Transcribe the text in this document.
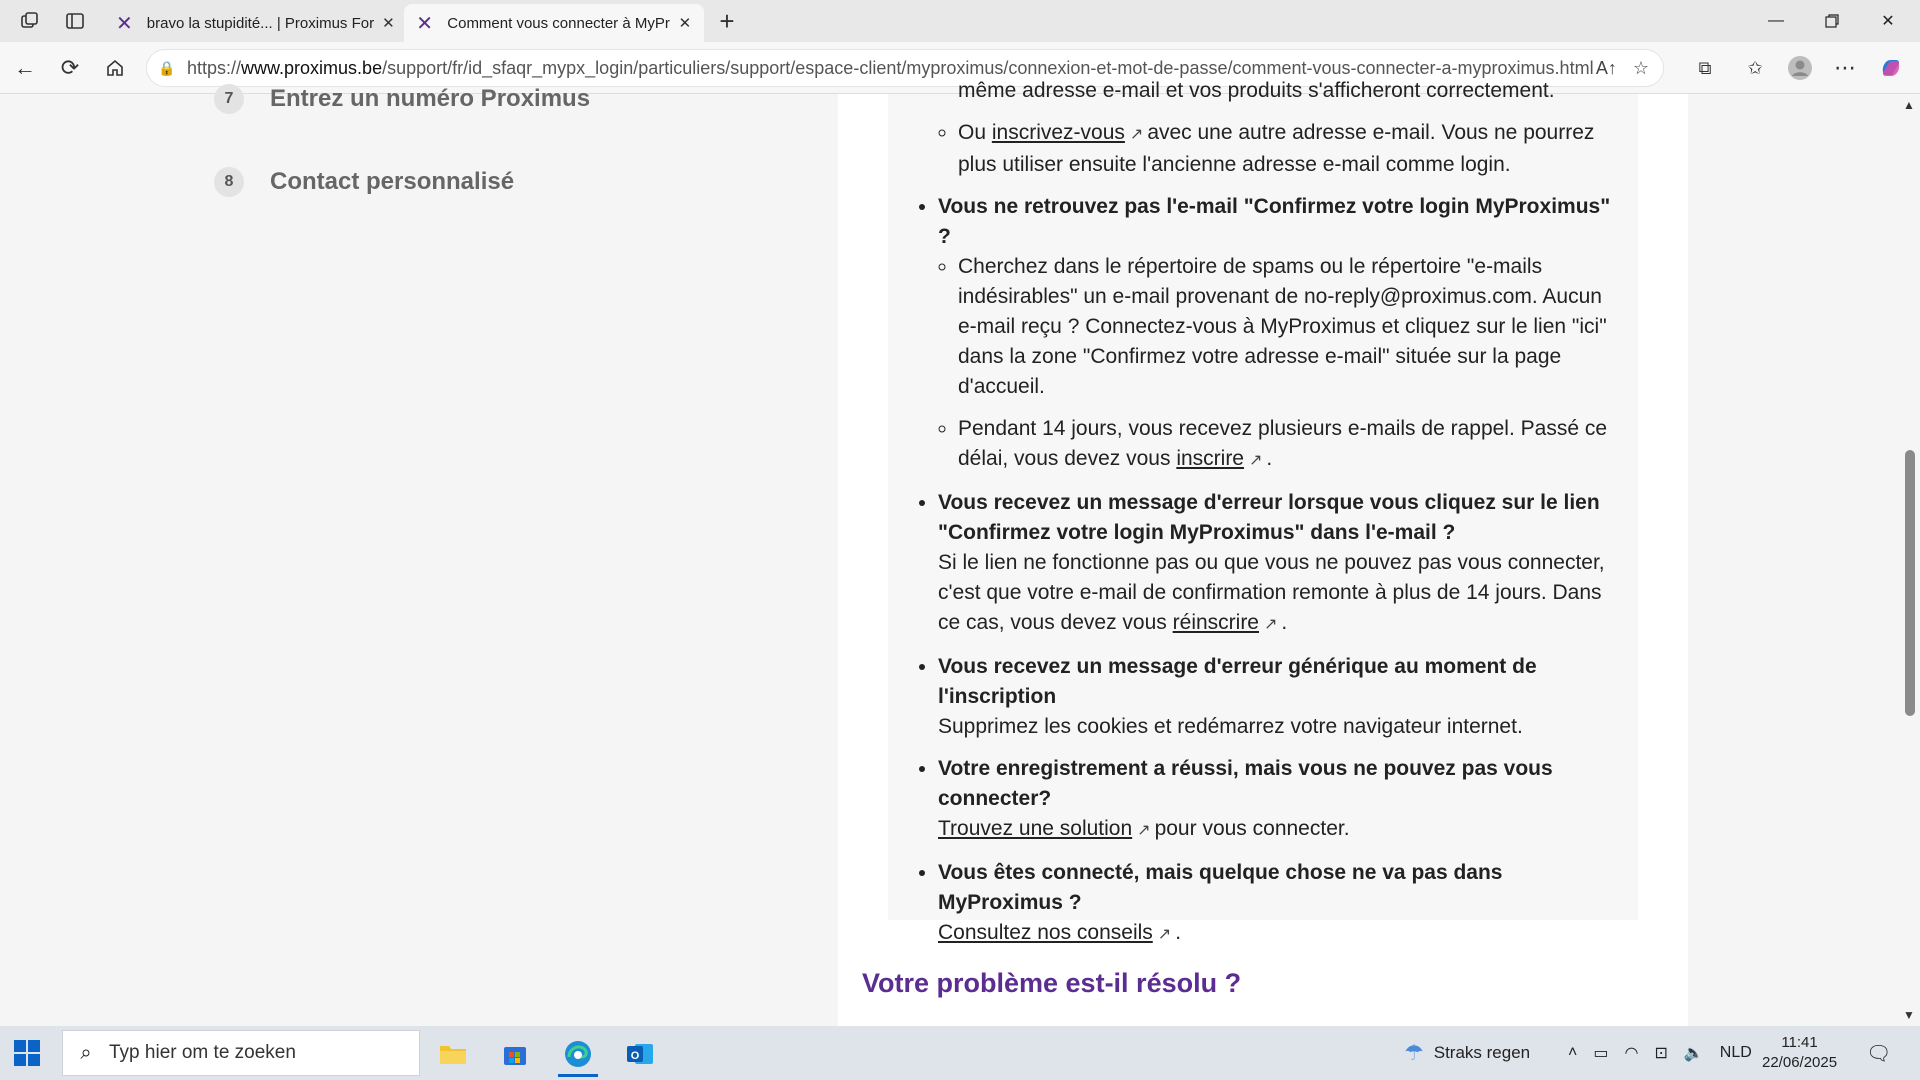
✕ bravo la stupidité... | Proximus For ✕ ✕ Comment vous connecter à MyPr ✕ +	—	✕
← ⟳	🔒 https://www.proximus.be/support/fr/id_sfaqr_mypx_login/particuliers/support/espace-client/myproximus/connexion-et-mot-de-passe/comment-vous-connecter-a-myproximus.html A↑ ☆	⧉	✩	⋯
7	Entrez un numéro Proximus
8	Contact personnalisé
même adresse e-mail et vos produits s'afficheront correctement.
◦ Ou inscrivez-vous ↗ avec une autre adresse e-mail. Vous ne pourrez plus utiliser ensuite l'ancienne adresse e-mail comme login.
• Vous ne retrouvez pas l'e-mail "Confirmez votre login MyProximus" ?
◦ Cherchez dans le répertoire de spams ou le répertoire "e-mails indésirables" un e-mail provenant de no-reply@proximus.com. Aucun e-mail reçu ? Connectez-vous à MyProximus et cliquez sur le lien "ici" dans la zone "Confirmez votre adresse e-mail" située sur la page d'accueil.
◦ Pendant 14 jours, vous recevez plusieurs e-mails de rappel. Passé ce délai, vous devez vous inscrire ↗ .
• Vous recevez un message d'erreur lorsque vous cliquez sur le lien "Confirmez votre login MyProximus" dans l'e-mail ?
Si le lien ne fonctionne pas ou que vous ne pouvez pas vous connecter, c'est que votre e-mail de confirmation remonte à plus de 14 jours. Dans ce cas, vous devez vous réinscrire ↗ .
• Vous recevez un message d'erreur générique au moment de l'inscription
Supprimez les cookies et redémarrez votre navigateur internet.
• Votre enregistrement a réussi, mais vous ne pouvez pas vous connecter?
Trouvez une solution ↗ pour vous connecter.
• Vous êtes connecté, mais quelque chose ne va pas dans MyProximus ?
Consultez nos conseils ↗ .
Votre problème est-il résolu ?
▲
▼
⌕ Typ hier om te zoeken	O	☂ Straks regen ˄ ▭ ◠ ⊡ 🔈 NLD
11:41
22/06/2025 🗨
